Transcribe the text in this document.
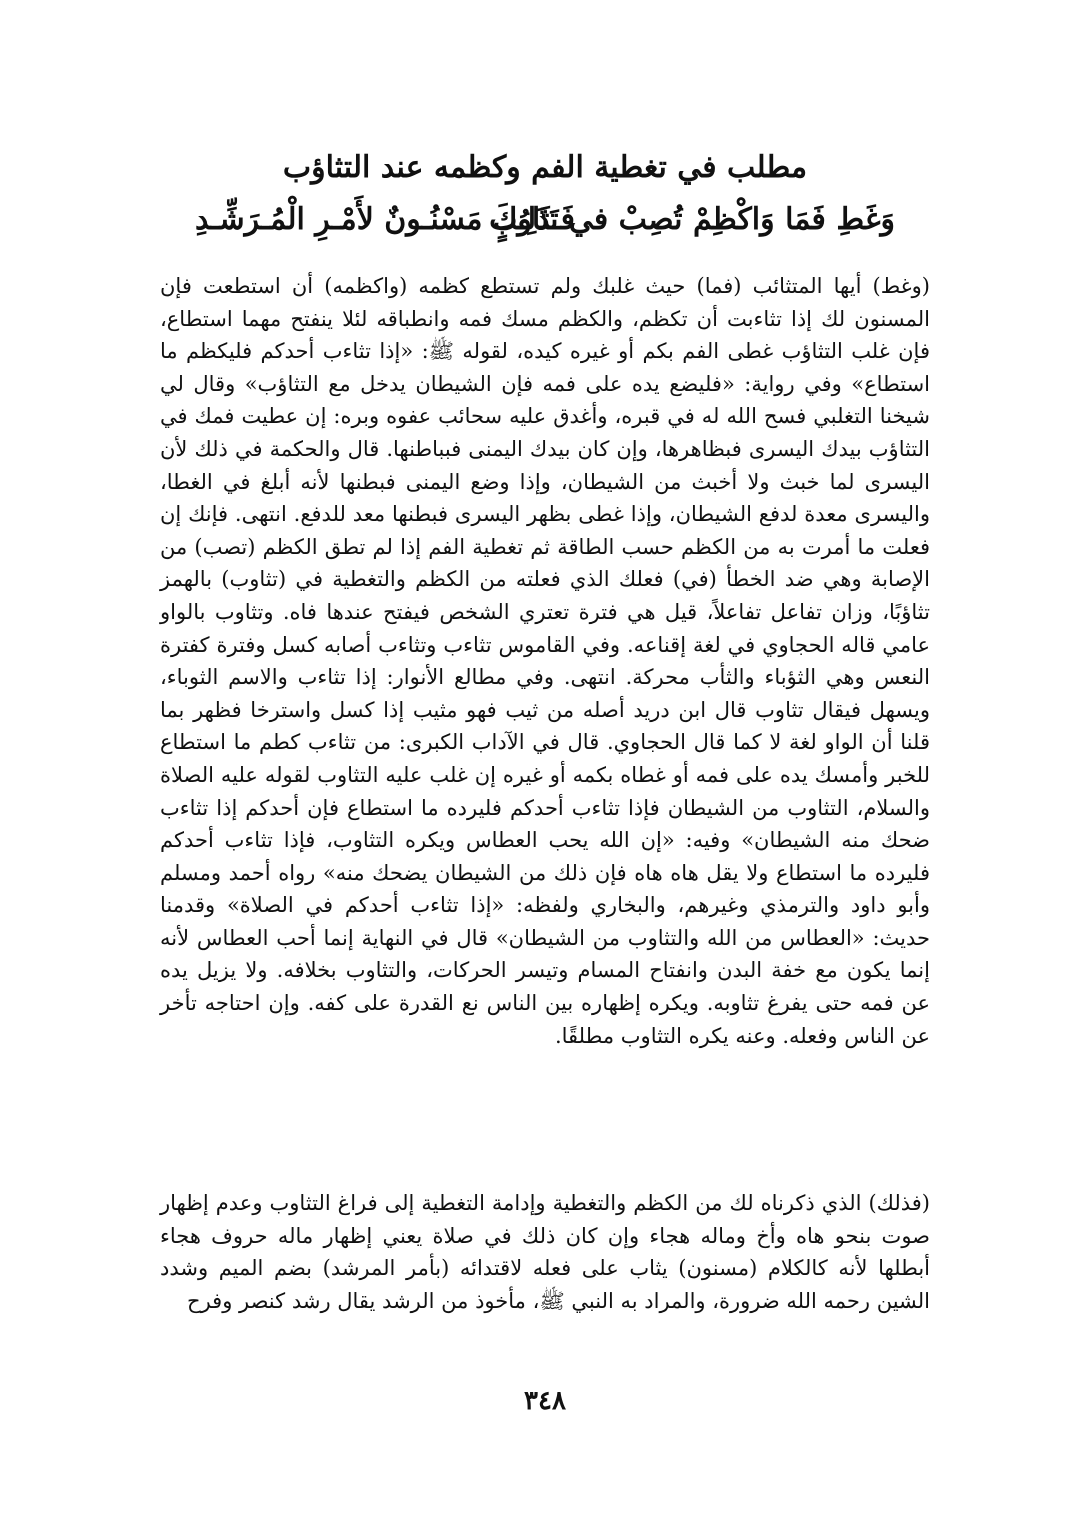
مطلب في تغطية الفم وكظمه عند التثاؤب
وَغَطِ فَمَا وَاكْظِمْ تُصِبْ في تَثَاوُبٍ
فَـذَلِـكَ مَسْنُـونٌ لأَمْـرِ الْمُـرَشِّـدِ

(وغط) أيها المتثائب (فما) حيث غلبك ولم تستطع كظمه (واكظمه) أن استطعت فإن المسنون لك إذا تثاءبت أن تكظم، والكظم مسك فمه وانطباقه لئلا ينفتح مهما استطاع، فإن غلب التثاؤب غطى الفم بكم أو غيره كيده، لقوله ﷺ: «إذا تثاءب أحدكم فليكظم ما استطاع» وفي رواية: «فليضع يده على فمه فإن الشيطان يدخل مع التثاؤب» وقال لي شيخنا التغلبي فسح الله له في قبره، وأغدق عليه سحائب عفوه وبره: إن عطيت فمك في التثاؤب بيدك اليسرى فبظاهرها، وإن كان بيدك اليمنى فبباطنها. قال والحكمة في ذلك لأن اليسرى لما خبث ولا أخبث من الشيطان، وإذا وضع اليمنى فبطنها لأنه أبلغ في الغطا، واليسرى معدة لدفع الشيطان، وإذا غطى بظهر اليسرى فبطنها معد للدفع. انتهى. فإنك إن فعلت ما أمرت به من الكظم حسب الطاقة ثم تغطية الفم إذا لم تطق الكظم (تصب) من الإصابة وهي ضد الخطأ (في) فعلك الذي فعلته من الكظم والتغطية في (تثاوب) بالهمز تثاؤبًا، وزان تفاعل تفاعلاً، قيل هي فترة تعتري الشخص فيفتح عندها فاه. وتثاوب بالواو عامي قاله الحجاوي في لغة إقناعه. وفي القاموس تثاءب وتثاءب أصابه كسل وفترة كفترة النعس وهي الثؤباء والثأب محركة. انتهى. وفي مطالع الأنوار: إذا تثاءب والاسم الثوباء، ويسهل فيقال تثاوب قال ابن دريد أصله من ثيب فهو مثيب إذا كسل واسترخا فظهر بما قلنا أن الواو لغة لا كما قال الحجاوي. قال في الآداب الكبرى: من تثاءب كطم ما استطاع للخبر وأمسك يده على فمه أو غطاه بكمه أو غيره إن غلب عليه التثاوب لقوله عليه الصلاة والسلام، التثاوب من الشيطان فإذا تثاءب أحدكم فليرده ما استطاع فإن أحدكم إذا تثاءب ضحك منه الشيطان» وفيه: «إن الله يحب العطاس ويكره التثاوب، فإذا تثاءب أحدكم فليرده ما استطاع ولا يقل هاه هاه فإن ذلك من الشيطان يضحك منه» رواه أحمد ومسلم وأبو داود والترمذي وغيرهم، والبخاري ولفظه: «إذا تثاءب أحدكم في الصلاة» وقدمنا حديث: «العطاس من الله والتثاوب من الشيطان» قال في النهاية إنما أحب العطاس لأنه إنما يكون مع خفة البدن وانفتاح المسام وتيسر الحركات، والتثاوب بخلافه. ولا يزيل يده عن فمه حتى يفرغ تثاوبه. ويكره إظهاره بين الناس نع القدرة على كفه. وإن احتاجه تأخر عن الناس وفعله. وعنه يكره التثاوب مطلقًا.

(فذلك) الذي ذكرناه لك من الكظم والتغطية وإدامة التغطية إلى فراغ التثاوب وعدم إظهار صوت بنحو هاه وأخ وماله هجاء وإن كان ذلك في صلاة يعني إظهار ماله حروف هجاء أبطلها لأنه كالكلام (مسنون) يثاب على فعله لاقتدائه (بأمر المرشد) بضم الميم وشدد الشين رحمه الله ضرورة، والمراد به النبي ﷺ، مأخوذ من الرشد يقال رشد كنصر وفرح

٣٤٨
